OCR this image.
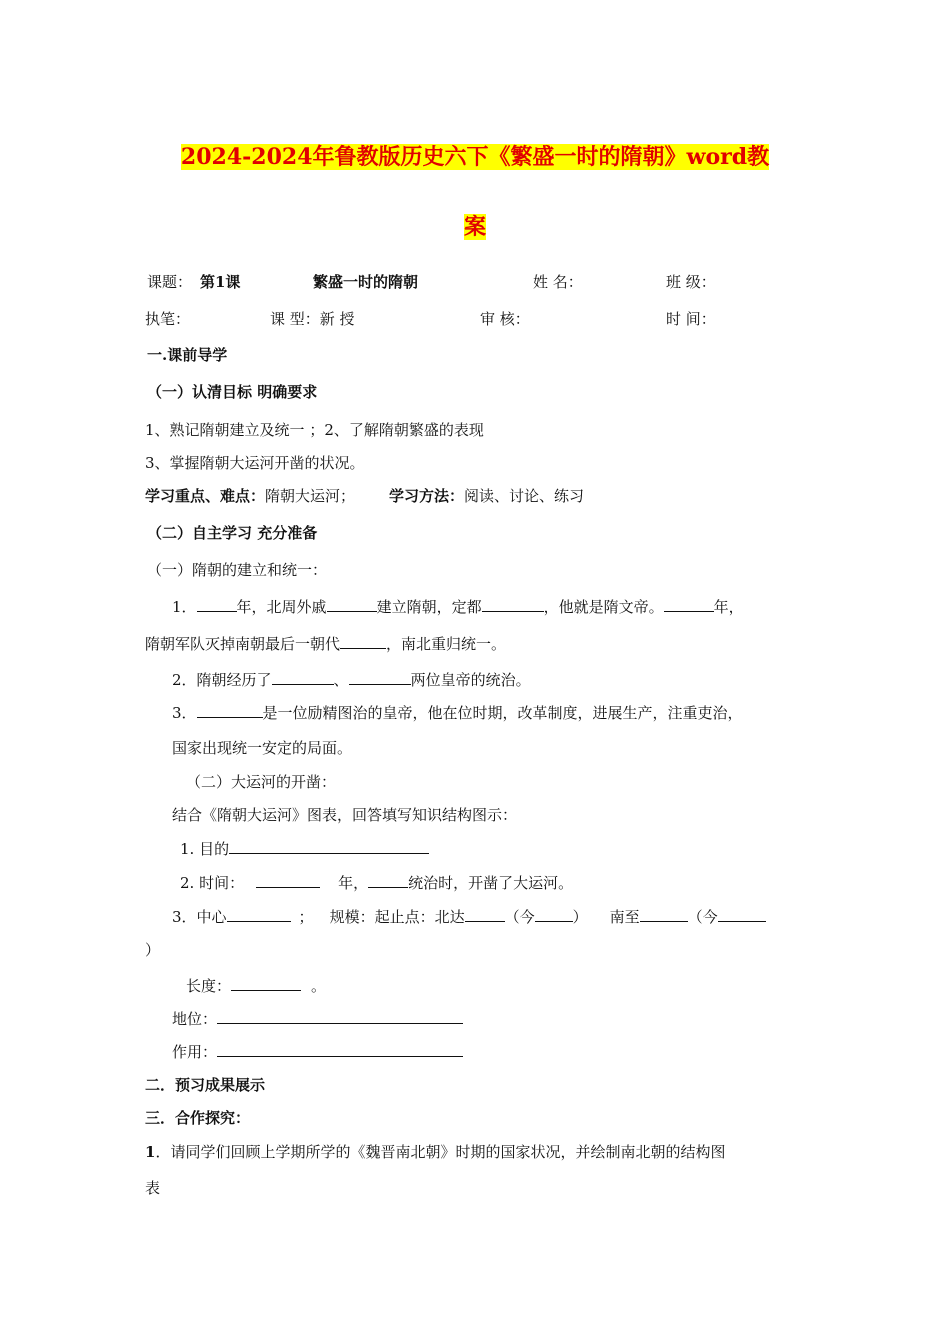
2024-2024年鲁教版历史六下《繁盛一时的隋朝》word教
案
课题： 第1课	繁盛一时的隋朝	姓 名：	班 级：
执笔：	课 型：新 授	审 核：	时 间：
一.课前导学
（一）认清目标 明确要求
1、熟记隋朝建立及统一 ；2、了解隋朝繁盛的表现
3、掌握隋朝大运河开凿的状况。
学习重点、难点：隋朝大运河； 学习方法：阅读、讨论、练习
（二）自主学习 充分准备
（一）隋朝的建立和统一：
1．	年，北周外戚	建立隋朝，定都	，他就是隋文帝。	年，
隋朝军队灭掉南朝最后一朝代	，南北重归统一。
2．隋朝经历了	、	两位皇帝的统治。
3．	是一位励精图治的皇帝，他在位时期，改革制度，进展生产，注重吏治，
国家出现统一安定的局面。
（二）大运河的开凿：
结合《隋朝大运河》图表，回答填写知识结构图示：
1. 目的
2. 时间：	年，	统治时，开凿了大运河。
3．中心	； 规模：起止点：北达	（今	） 南至	（今
）
长度：	。
地位：
作用：
二．预习成果展示
三．合作探究：
1．请同学们回顾上学期所学的《魏晋南北朝》时期的国家状况，并绘制南北朝的结构图
表
